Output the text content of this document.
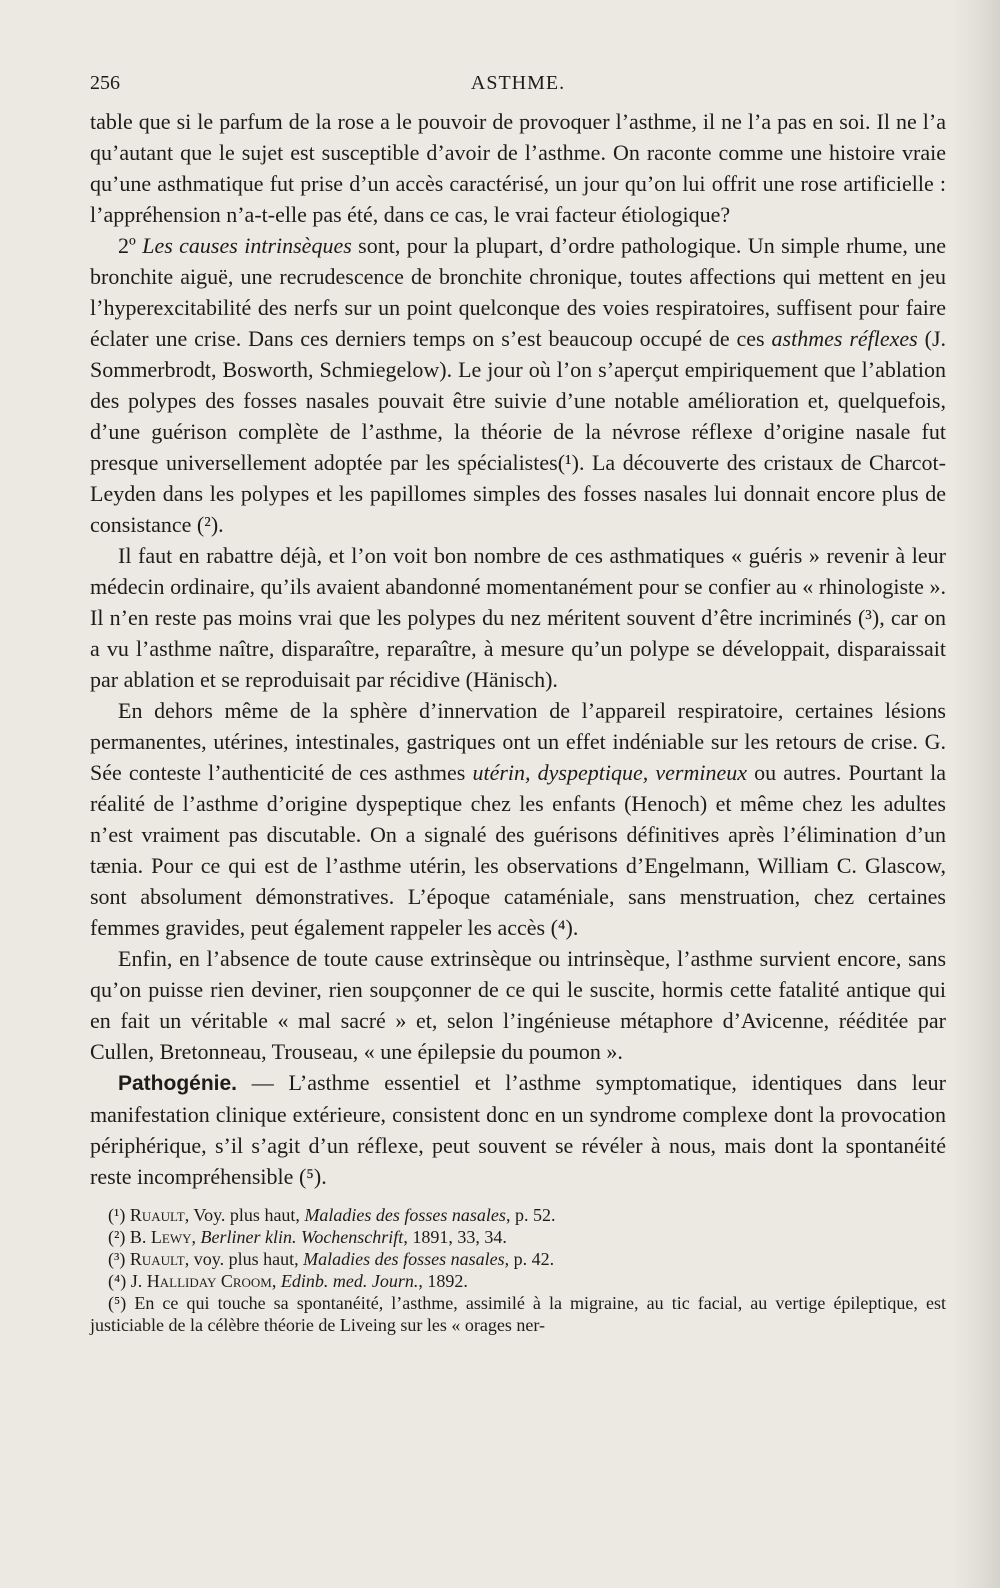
256	ASTHME.

table que si le parfum de la rose a le pouvoir de provoquer l’asthme, il ne l’a pas en soi. Il ne l’a qu’autant que le sujet est susceptible d’avoir de l’asthme. On raconte comme une histoire vraie qu’une asthmatique fut prise d’un accès caractérisé, un jour qu’on lui offrit une rose artificielle : l’appréhension n’a-t-elle pas été, dans ce cas, le vrai facteur étiologique?

2º Les causes intrinsèques sont, pour la plupart, d’ordre pathologique. Un simple rhume, une bronchite aiguë, une recrudescence de bronchite chronique, toutes affections qui mettent en jeu l’hyperexcitabilité des nerfs sur un point quelconque des voies respiratoires, suffisent pour faire éclater une crise. Dans ces derniers temps on s’est beaucoup occupé de ces asthmes réflexes (J. Sommerbrodt, Bosworth, Schmiegelow). Le jour où l’on s’aperçut empiriquement que l’ablation des polypes des fosses nasales pouvait être suivie d’une notable amélioration et, quelquefois, d’une guérison complète de l’asthme, la théorie de la névrose réflexe d’origine nasale fut presque universellement adoptée par les spécialistes(¹). La découverte des cristaux de Charcot-Leyden dans les polypes et les papillomes simples des fosses nasales lui donnait encore plus de consistance (²).

Il faut en rabattre déjà, et l’on voit bon nombre de ces asthmatiques « guéris » revenir à leur médecin ordinaire, qu’ils avaient abandonné momentanément pour se confier au « rhinologiste ». Il n’en reste pas moins vrai que les polypes du nez méritent souvent d’être incriminés (³), car on a vu l’asthme naître, disparaître, reparaître, à mesure qu’un polype se développait, disparaissait par ablation et se reproduisait par récidive (Hänisch).

En dehors même de la sphère d’innervation de l’appareil respiratoire, certaines lésions permanentes, utérines, intestinales, gastriques ont un effet indéniable sur les retours de crise. G. Sée conteste l’authenticité de ces asthmes utérin, dyspeptique, vermineux ou autres. Pourtant la réalité de l’asthme d’origine dyspeptique chez les enfants (Henoch) et même chez les adultes n’est vraiment pas discutable. On a signalé des guérisons définitives après l’élimination d’un tænia. Pour ce qui est de l’asthme utérin, les observations d’Engelmann, William C. Glascow, sont absolument démonstratives. L’époque cataméniale, sans menstruation, chez certaines femmes gravides, peut également rappeler les accès (⁴).

Enfin, en l’absence de toute cause extrinsèque ou intrinsèque, l’asthme survient encore, sans qu’on puisse rien deviner, rien soupçonner de ce qui le suscite, hormis cette fatalité antique qui en fait un véritable « mal sacré » et, selon l’ingénieuse métaphore d’Avicenne, rééditée par Cullen, Bretonneau, Trouseau, « une épilepsie du poumon ».

Pathogénie. — L’asthme essentiel et l’asthme symptomatique, identiques dans leur manifestation clinique extérieure, consistent donc en un syndrome complexe dont la provocation périphérique, s’il s’agit d’un réflexe, peut souvent se révéler à nous, mais dont la spontanéité reste incompréhensible (⁵).

(¹) Ruault, Voy. plus haut, Maladies des fosses nasales, p. 52.

(²) B. Lewy, Berliner klin. Wochenschrift, 1891, 33, 34.

(³) Ruault, voy. plus haut, Maladies des fosses nasales, p. 42.

(⁴) J. Halliday Croom, Edinb. med. Journ., 1892.

(⁵) En ce qui touche sa spontanéité, l’asthme, assimilé à la migraine, au tic facial, au vertige épileptique, est justiciable de la célèbre théorie de Liveing sur les « orages ner-
